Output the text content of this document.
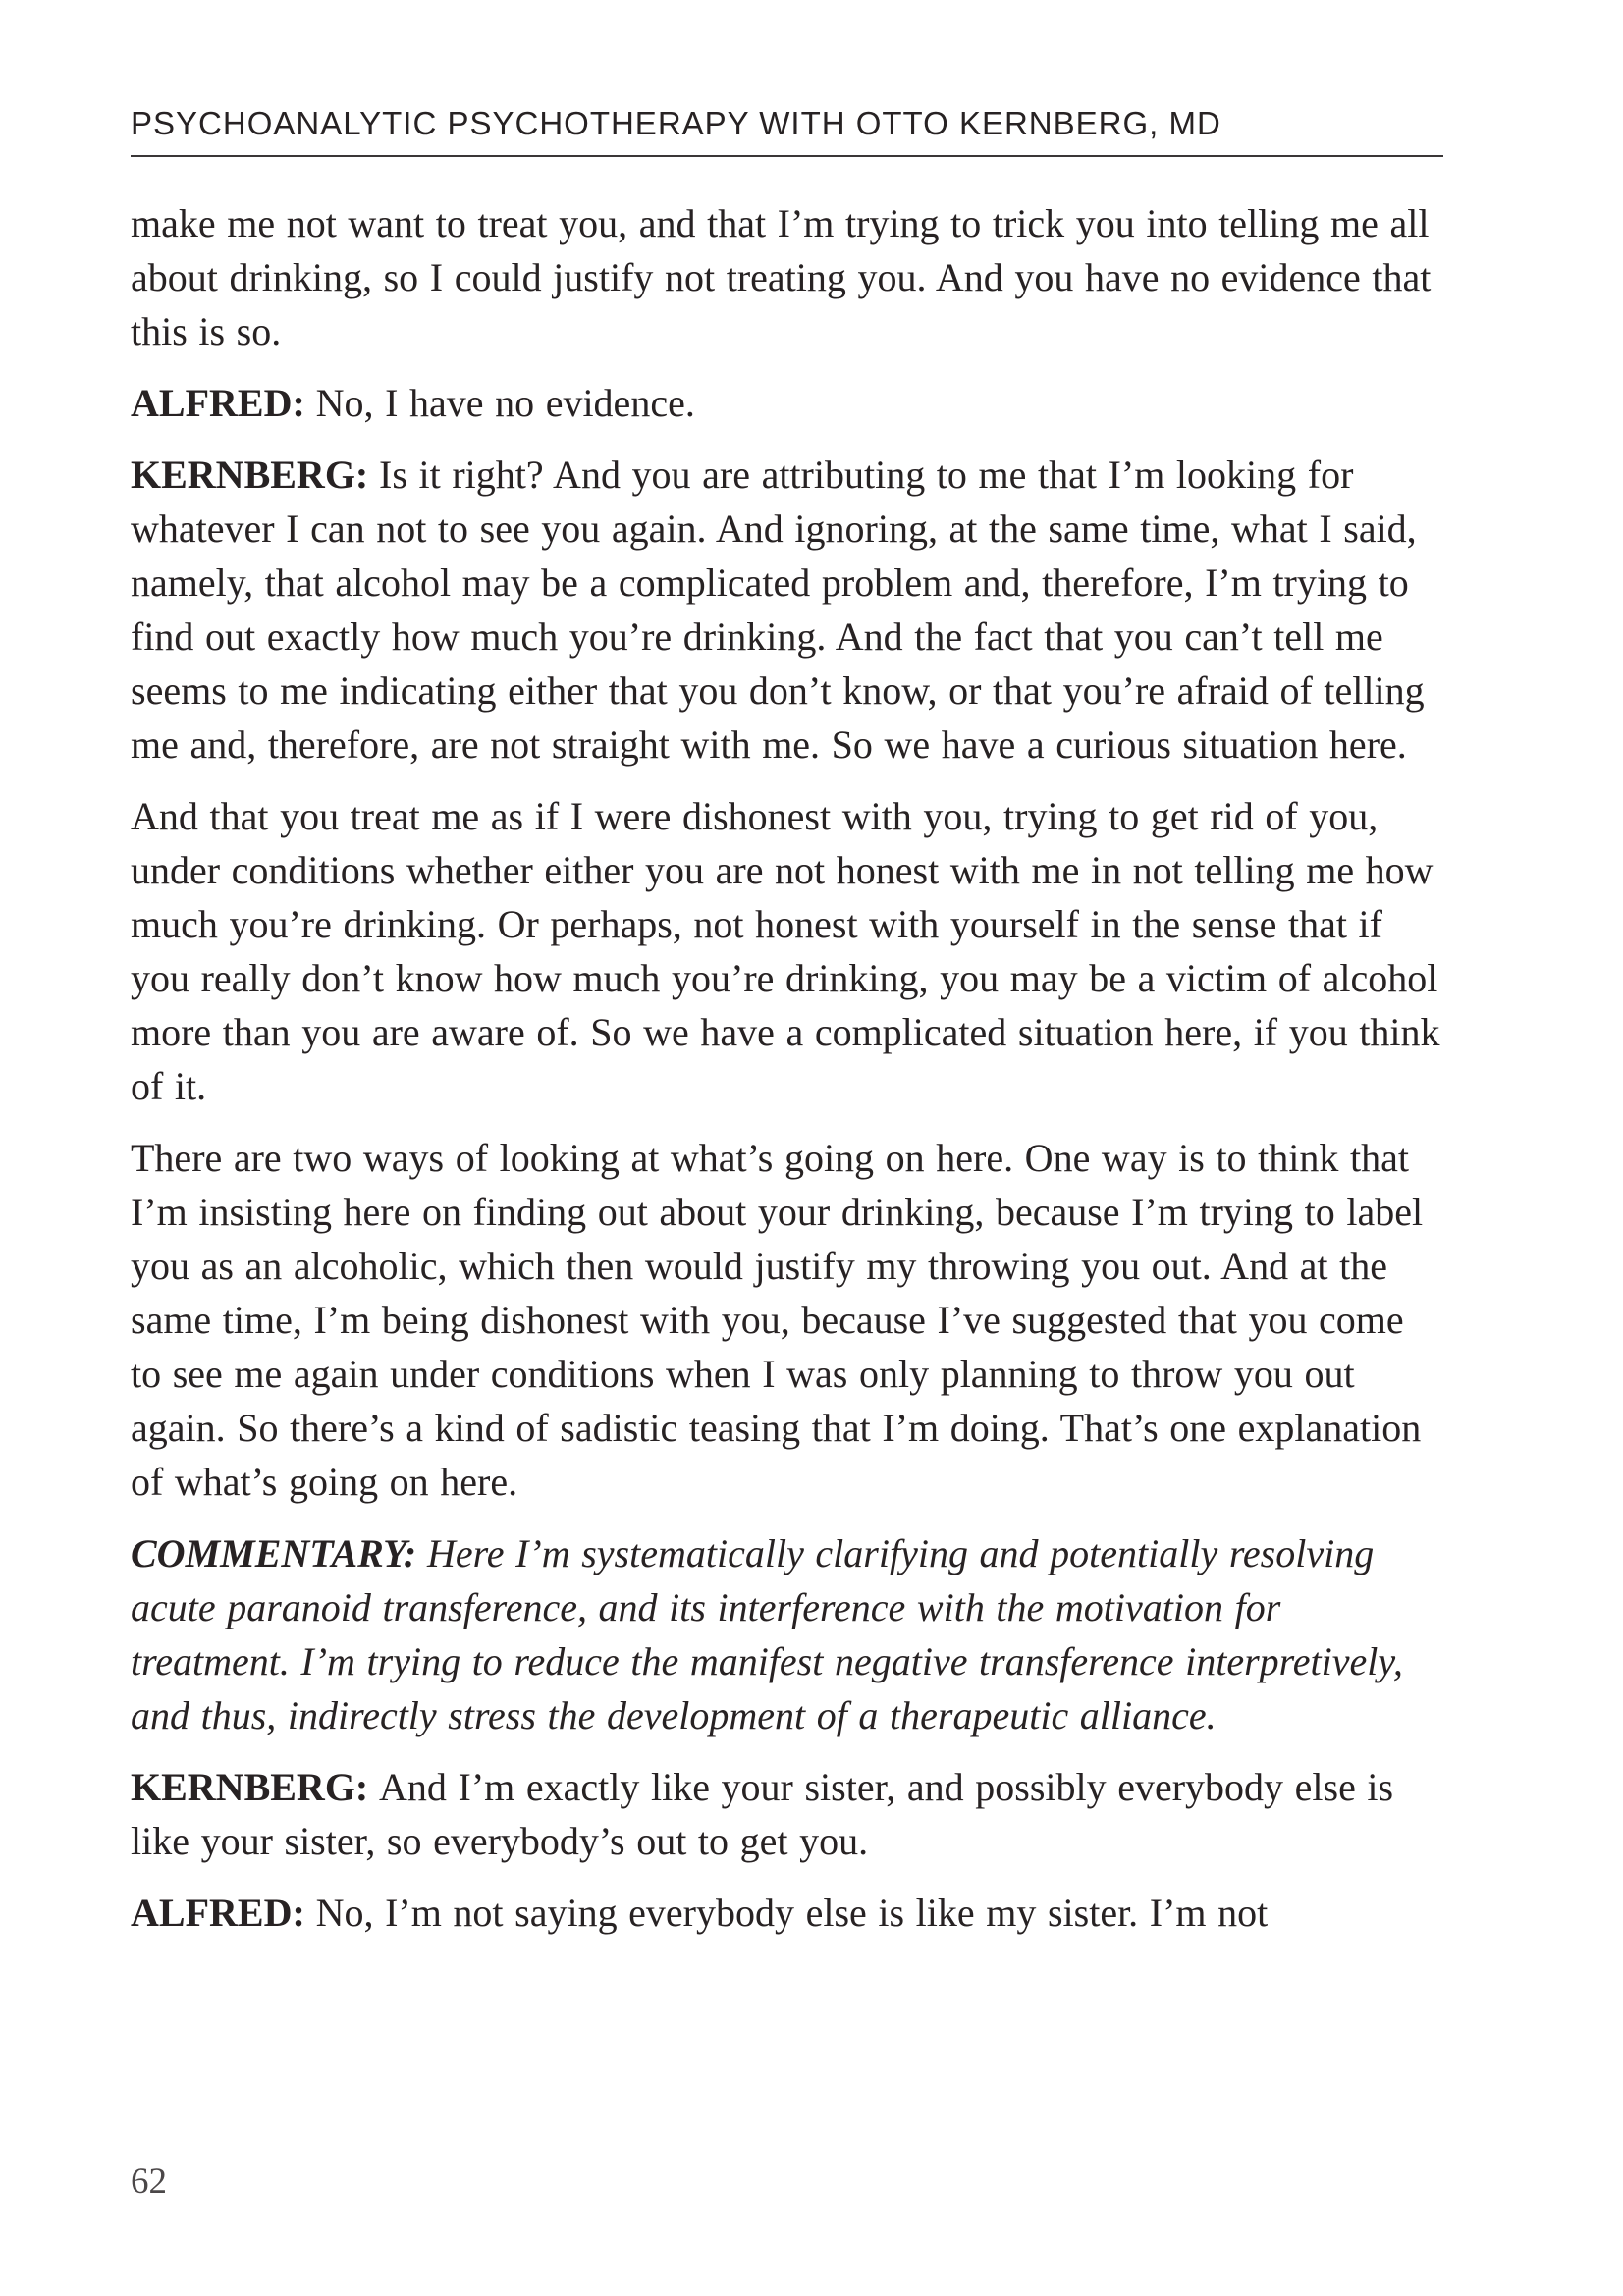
PSYCHOANALYTIC PSYCHOTHERAPY WITH OTTO KERNBERG, MD

make me not want to treat you, and that I’m trying to trick you into telling me all about drinking, so I could justify not treating you. And you have no evidence that this is so.

ALFRED: No, I have no evidence.

KERNBERG: Is it right? And you are attributing to me that I’m looking for whatever I can not to see you again. And ignoring, at the same time, what I said, namely, that alcohol may be a complicated problem and, therefore, I’m trying to find out exactly how much you’re drinking. And the fact that you can’t tell me seems to me indicating either that you don’t know, or that you’re afraid of telling me and, therefore, are not straight with me. So we have a curious situation here.

And that you treat me as if I were dishonest with you, trying to get rid of you, under conditions whether either you are not honest with me in not telling me how much you’re drinking. Or perhaps, not honest with yourself in the sense that if you really don’t know how much you’re drinking, you may be a victim of alcohol more than you are aware of. So we have a complicated situation here, if you think of it.

There are two ways of looking at what’s going on here. One way is to think that I’m insisting here on finding out about your drinking, because I’m trying to label you as an alcoholic, which then would justify my throwing you out. And at the same time, I’m being dishonest with you, because I’ve suggested that you come to see me again under conditions when I was only planning to throw you out again. So there’s a kind of sadistic teasing that I’m doing. That’s one explanation of what’s going on here.

COMMENTARY: Here I’m systematically clarifying and potentially resolving acute paranoid transference, and its interference with the motivation for treatment. I’m trying to reduce the manifest negative transference interpretively, and thus, indirectly stress the development of a therapeutic alliance.

KERNBERG: And I’m exactly like your sister, and possibly everybody else is like your sister, so everybody’s out to get you.

ALFRED: No, I’m not saying everybody else is like my sister. I’m not

62
